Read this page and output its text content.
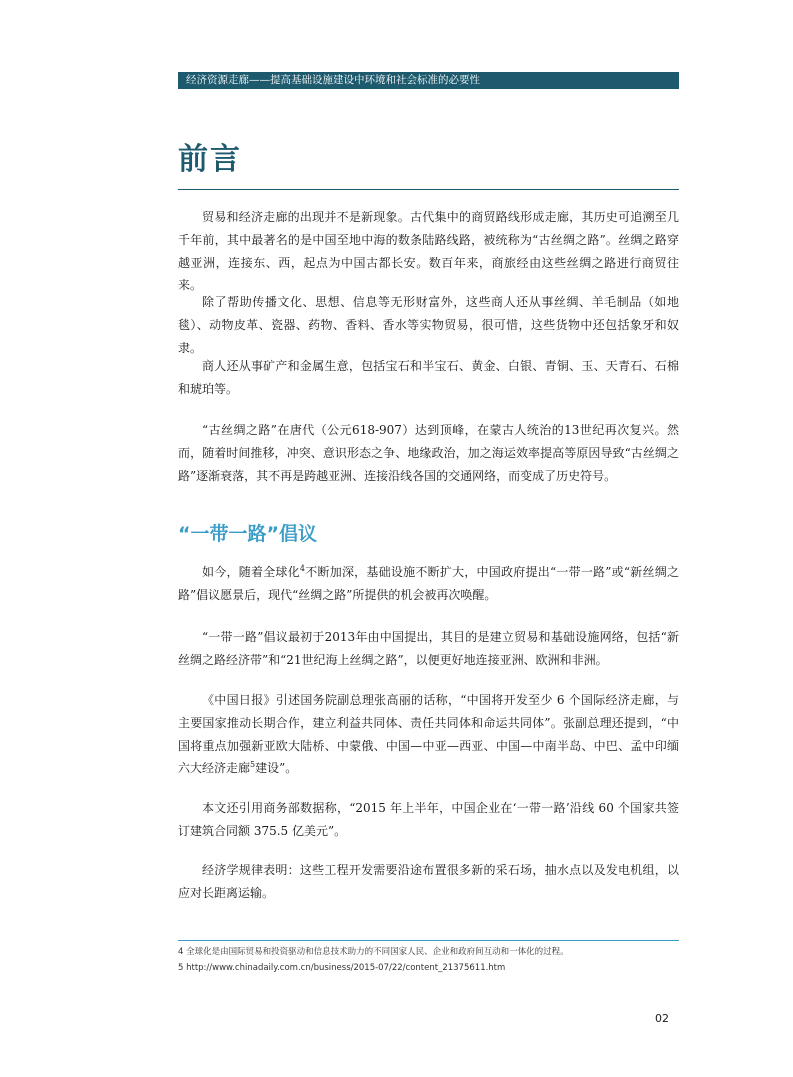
经济资源走廊——提高基础设施建设中环境和社会标准的必要性
前言

贸易和经济走廊的出现并不是新现象。古代集中的商贸路线形成走廊，其历史可追溯至几千年前，其中最著名的是中国至地中海的数条陆路线路，被统称为“古丝绸之路”。丝绸之路穿越亚洲，连接东、西，起点为中国古都长安。数百年来，商旅经由这些丝绸之路进行商贸往来。

除了帮助传播文化、思想、信息等无形财富外，这些商人还从事丝绸、羊毛制品（如地毯）、动物皮革、瓷器、药物、香料、香水等实物贸易，很可惜，这些货物中还包括象牙和奴隶。

商人还从事矿产和金属生意，包括宝石和半宝石、黄金、白银、青铜、玉、天青石、石棉和琥珀等。

“古丝绸之路”在唐代（公元618-907）达到顶峰，在蒙古人统治的13世纪再次复兴。然而，随着时间推移，冲突、意识形态之争、地缘政治，加之海运效率提高等原因导致“古丝绸之路”逐渐衰落，其不再是跨越亚洲、连接沿线各国的交通网络，而变成了历史符号。

“一带一路”倡议

如今，随着全球化$^4$不断加深，基础设施不断扩大，中国政府提出“一带一路”或“新丝绸之路”倡议愿景后，现代“丝绸之路”所提供的机会被再次唤醒。

“一带一路”倡议最初于2013年由中国提出，其目的是建立贸易和基础设施网络，包括“新丝绸之路经济带”和“21世纪海上丝绸之路”，以便更好地连接亚洲、欧洲和非洲。

《中国日报》引述国务院副总理张高丽的话称，“中国将开发至少 6 个国际经济走廊，与主要国家推动长期合作，建立利益共同体、责任共同体和命运共同体”。张副总理还提到，“中国将重点加强新亚欧大陆桥、中蒙俄、中国—中亚—西亚、中国—中南半岛、中巴、孟中印缅六大经济走廊$^5$建设”。

本文还引用商务部数据称，“2015 年上半年，中国企业在‘一带一路’沿线 60 个国家共签订建筑合同额 375.5 亿美元”。

经济学规律表明：这些工程开发需要沿途布置很多新的采石场，抽水点以及发电机组，以应对长距离运输。

4 全球化是由国际贸易和投资驱动和信息技术助力的不同国家人民、企业和政府间互动和一体化的过程。

5 http://www.chinadaily.com.cn/business/2015-07/22/content_21375611.htm

02
